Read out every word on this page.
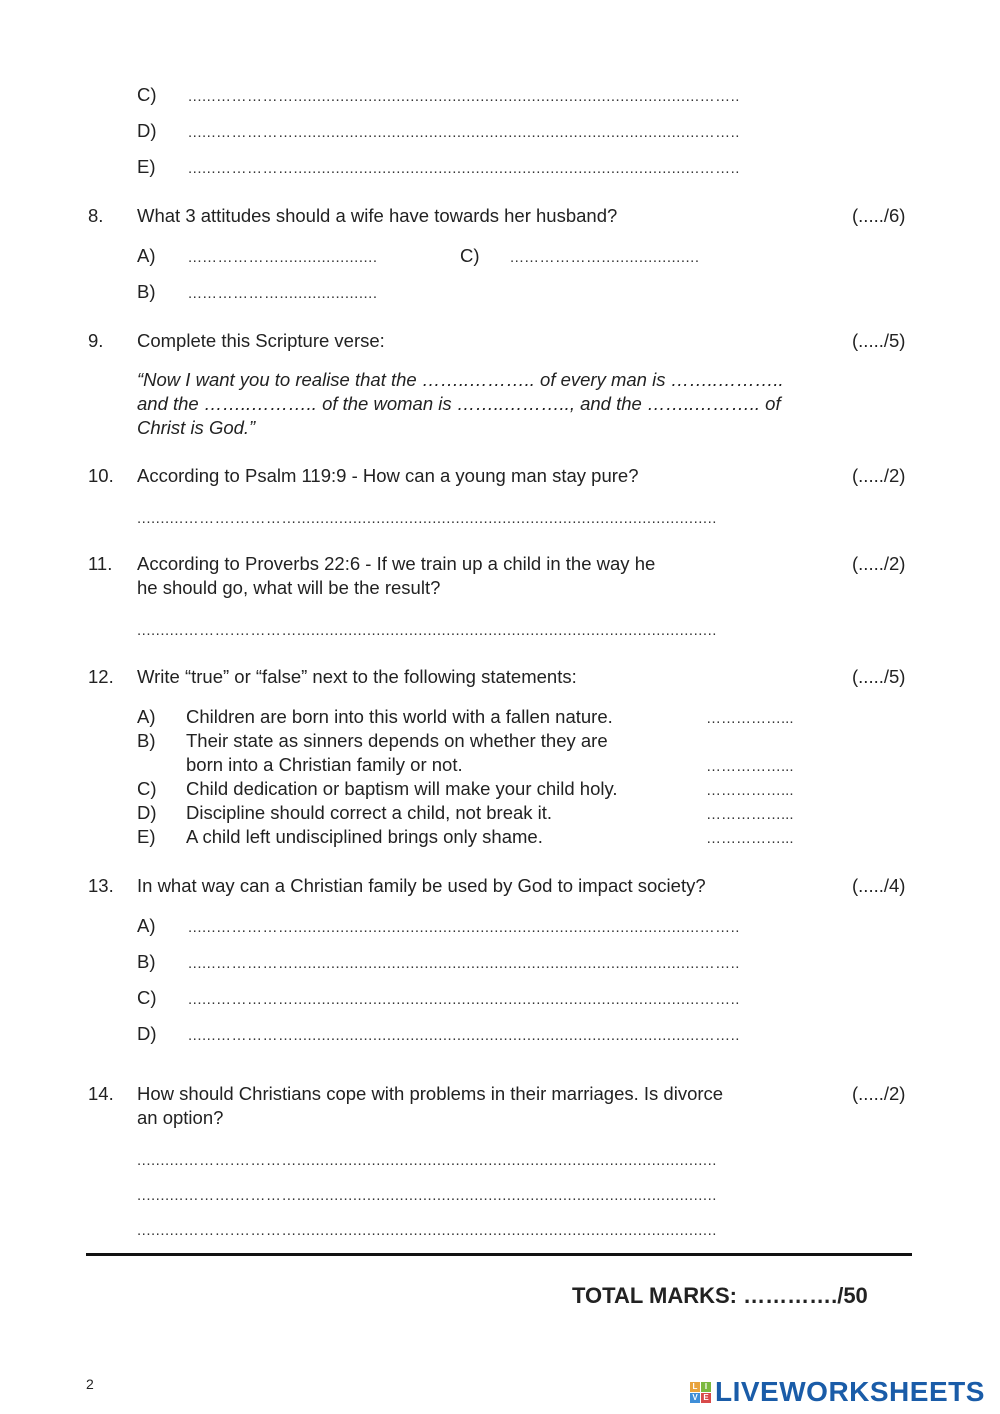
C) ......…………….......................................................................................……..
D) ......…………….......................................................................................……..
E) ......…………….......................................................................................……..
8. What 3 attitudes should a wife have towards her husband?	(...../6)
A) ...…………….....................	C) ...…………….....................
B) ...…………….....................
9. Complete this Scripture verse:	(...../5)
“Now I want you to realise that the ……..……….. of every man is ……..………..
and the ……..……….. of the woman is ……..……….., and the ……..……….. of
Christ is God.”
10. According to Psalm 119:9 - How can a young man stay pure?	(...../2)
..........……….…………..........................................................................................
11. According to Proverbs 22:6 - If we train up a child in the way he
he should go, what will be the result?
(...../2)
..........……….…………..........................................................................................
12. Write “true” or “false” next to the following statements:	(...../5)
A) Children are born into this world with a fallen nature.	……………...
B) Their state as sinners depends on whether they are
born into a Christian family or not.	……………...
C) Child dedication or baptism will make your child holy.	……………...
D) Discipline should correct a child, not break it.	……………...
E) A child left undisciplined brings only shame.	……………...
13. In what way can a Christian family be used by God to impact society?	(...../4)
A) ......…………….......................................................................................……..
B) ......…………….......................................................................................……..
C) ......…………….......................................................................................……..
D) ......…………….......................................................................................……..
14. How should Christians cope with problems in their marriages. Is divorce
an option?
(...../2)
..........……….…………..........................................................................................
..........……….…………..........................................................................................
..........……….…………..........................................................................................
TOTAL MARKS: …………./50
2	L I
V E LIVEWORKSHEETS
